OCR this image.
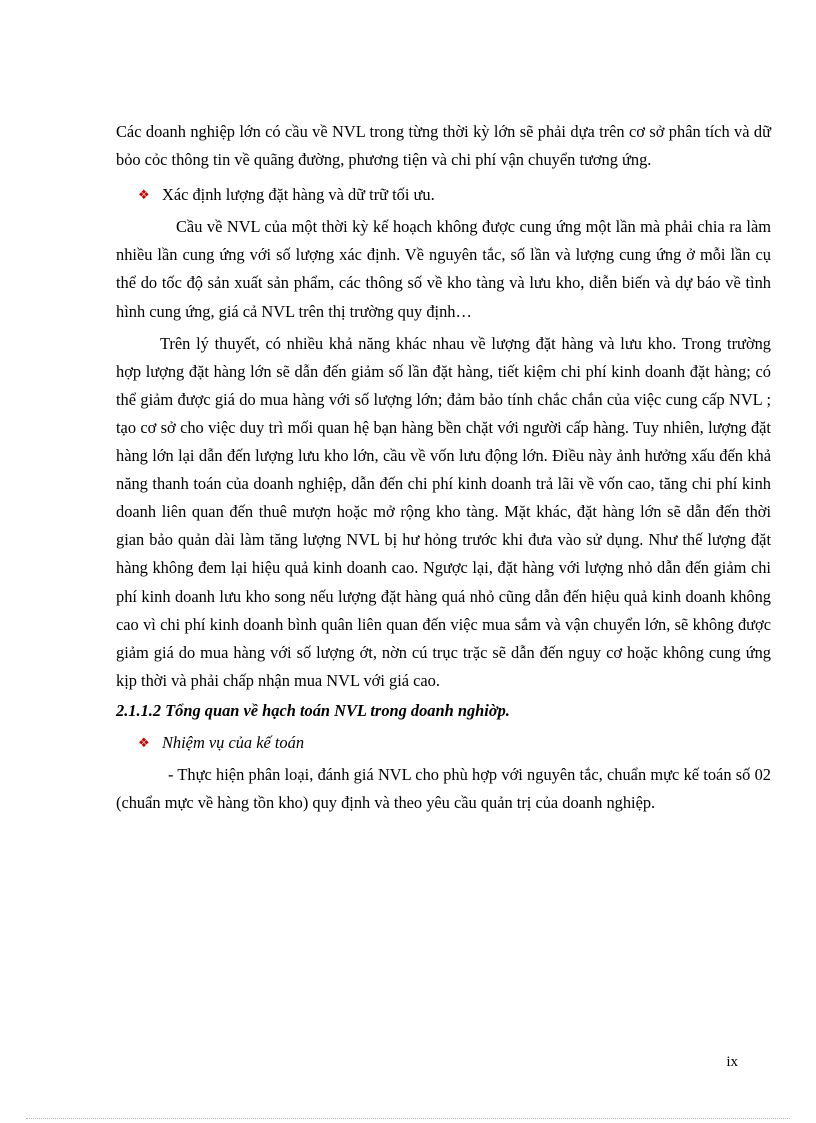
Các doanh nghiệp lớn có cầu về NVL trong từng thời kỳ lớn sẽ phải dựa trên cơ sở phân tích và dữ bỏo cỏc thông tin về quãng đường, phương tiện và chi phí vận chuyển tương ứng.

❖ Xác định lượng đặt hàng và dữ trữ tối ưu.

Cầu về NVL của một thời kỳ kế hoạch không được cung ứng một lần mà phải chia ra làm nhiều lần cung ứng với số lượng xác định. Về nguyên tắc, số lần và lượng cung ứng ở mỗi lần cụ thể do tốc độ sản xuất sản phẩm, các thông số về kho tàng và lưu kho, diễn biến và dự báo về tình hình cung ứng, giá cả NVL trên thị trường quy định…

Trên lý thuyết, có nhiều khả năng khác nhau về lượng đặt hàng và lưu kho. Trong trường hợp lượng đặt hàng lớn sẽ dẫn đến giảm số lần đặt hàng, tiết kiệm chi phí kinh doanh đặt hàng; có thể giảm được giá do mua hàng với số lượng lớn; đảm bảo tính chắc chắn của việc cung cấp NVL ; tạo cơ sở cho việc duy trì mối quan hệ bạn hàng bền chặt với người cấp hàng. Tuy nhiên, lượng đặt hàng lớn lại dẫn đến lượng lưu kho lớn, cầu về vốn lưu động lớn. Điều này ảnh hưởng xấu đến khả năng thanh toán của doanh nghiệp, dẫn đến chi phí kinh doanh trả lãi về vốn cao, tăng chi phí kinh doanh liên quan đến thuê mượn hoặc mở rộng kho tàng. Mặt khác, đặt hàng lớn sẽ dẫn đến thời gian bảo quản dài làm tăng lượng NVL bị hư hỏng trước khi đưa vào sử dụng. Như thế lượng đặt hàng không đem lại hiệu quả kinh doanh cao. Ngược lại, đặt hàng với lượng nhỏ dẫn đến giảm chi phí kinh doanh lưu kho song nếu lượng đặt hàng quá nhỏ cũng dẫn đến hiệu quả kinh doanh không cao vì chi phí kinh doanh bình quân liên quan đến việc mua sắm và vận chuyển lớn, sẽ không được giảm giá do mua hàng với số lượng ớt, nờn cú trục trặc sẽ dẫn đến nguy cơ hoặc không cung ứng kịp thời và phải chấp nhận mua NVL với giá cao.

2.1.1.2 Tổng quan về hạch toán NVL trong doanh nghiờp.

❖ Nhiệm vụ của kế toán

- Thực hiện phân loại, đánh giá NVL cho phù hợp với nguyên tắc, chuẩn mực kế toán số 02 (chuẩn mực về hàng tồn kho) quy định và theo yêu cầu quản trị của doanh nghiệp.

ix
